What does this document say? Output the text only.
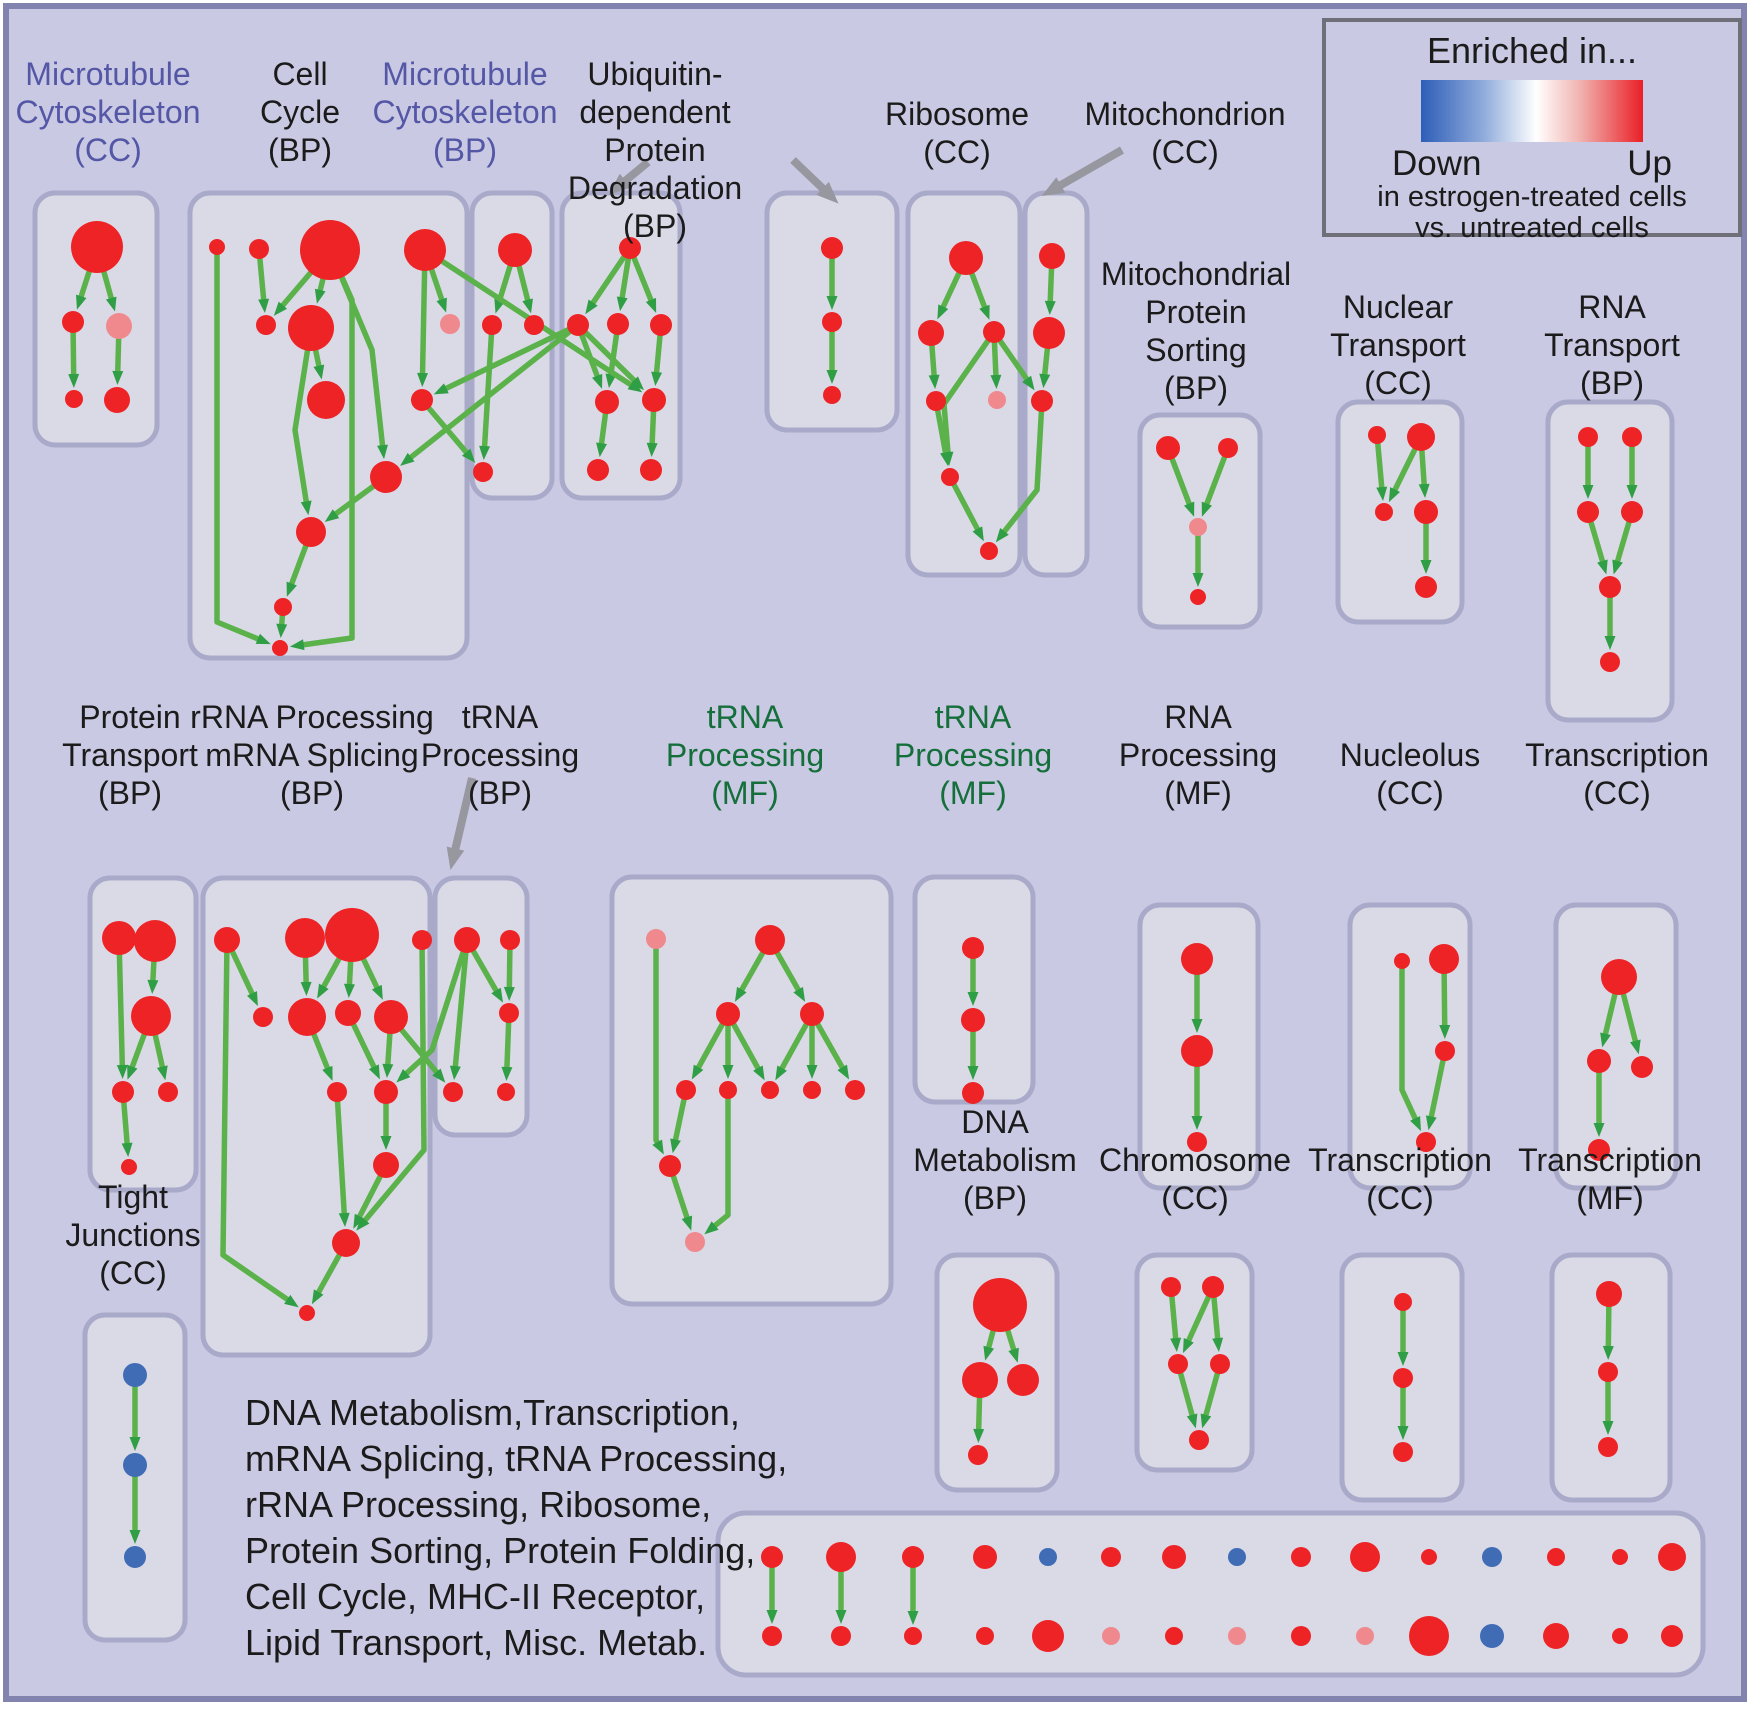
Microtubule Cytoskeleton (CC)
Cell Cycle (BP)
Microtubule Cytoskeleton (BP)
Ubiquitin-dependent Protein Degradation (BP)
Ribosome (CC)
Mitochondrion (CC)
Mitochondrial Protein Sorting (BP)
Nuclear Transport (CC)
RNA Transport (BP)
Protein Transport (BP)
rRNA Processing mRNA Splicing (BP)
tRNA Processing (BP)
tRNA Processing (MF)
tRNA Processing (MF)
RNA Processing (MF)
Nucleolus (CC)
Transcription (CC)
DNA Metabolism (BP)
Chromosome (CC)
Transcription (CC)
Transcription (MF)
Tight Junctions (CC)
DNA Metabolism,Transcription, mRNA Splicing, tRNA Processing, rRNA Processing, Ribosome, Protein Sorting, Protein Folding, Cell Cycle, MHC-II Receptor, Lipid Transport, Misc. Metab.
Enriched in...
Down	Up
in estrogen-treated cells
vs. untreated cells
